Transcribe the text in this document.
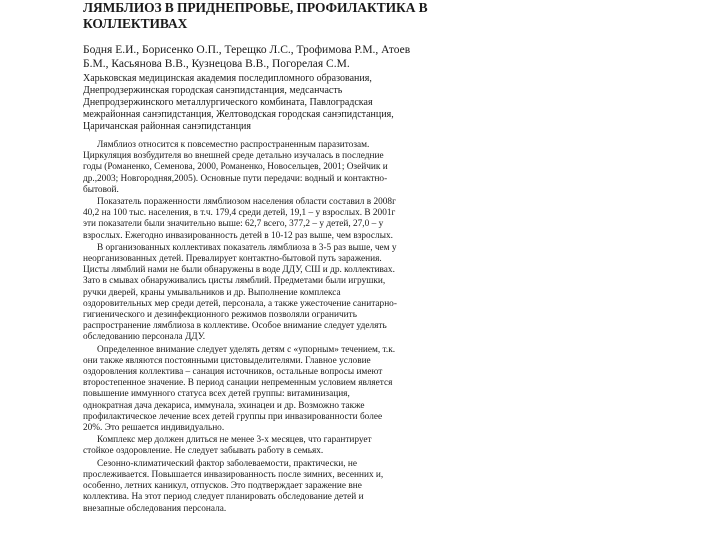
ЛЯМБЛИОЗ В ПРИДНЕПРОВЬЕ, ПРОФИЛАКТИКА В
КОЛЛЕКТИВАХ
Бодня Е.И., Борисенко О.П., Терещко Л.С., Трофимова Р.М., Атоев
Б.М., Касьянова В.В., Кузнецова В.В., Погорелая С.М.
Харьковская медицинская академия последипломного образования,
Днепродзержинская городская санэпидстанция, медсанчасть
Днепродзержинского металлургического комбината, Павлоградская
межрайонная санэпидстанция, Желтоводская городская санэпидстанция,
Царичанская районная санэпидстанция
Лямблиоз относится к повсеместно распространенным паразитозам.
Циркуляция возбудителя во внешней среде детально изучалась в последние
годы (Романенко, Семенова, 2000, Романенко, Новосельцев, 2001; Озейчик и
др.,2003; Новгородняя,2005). Основные пути передачи: водный и контактно-
бытовой.
Показатель пораженности лямблиозом населения области составил в 2008г
40,2 на 100 тыс. населения, в т.ч. 179,4 среди детей, 19,1 – у взрослых. В 2001г
эти показатели были значительно выше: 62,7 всего, 377,2 – у детей, 27,0 – у
взрослых. Ежегодно инвазированность детей в 10-12 раз выше, чем взрослых.
В организованных коллективах показатель лямблиоза в 3-5 раз выше, чем у
неорганизованных детей. Превалирует контактно-бытовой путь заражения.
Цисты лямблий нами не были обнаружены в воде ДДУ, СШ и др. коллективах.
Зато в смывах обнаруживались цисты лямблий. Предметами были игрушки,
ручки дверей, краны умывальников и др. Выполнение комплекса
оздоровительных мер среди детей, персонала, а также ужесточение санитарно-
гигиенического и дезинфекционного режимов позволяли ограничить
распространение лямблиоза в коллективе. Особое внимание следует уделять
обследованию персонала ДДУ.
Определенное внимание следует уделять детям с «упорным» течением, т.к.
они также являются постоянными цистовыделителями. Главное условие
оздоровления коллектива – санация источников, остальные вопросы имеют
второстепенное значение. В период санации непременным условием является
повышение иммунного статуса всех детей группы: витаминизация,
однократная дача декариса, иммунала, эхинацеи и др. Возможно также
профилактическое лечение всех детей группы при инвазированности более
20%. Это решается индивидуально.
Комплекс мер должен длиться не менее 3-х месяцев, что гарантирует
стойкое оздоровление. Не следует забывать работу в семьях.
Сезонно-климатический фактор заболеваемости, практически, не
прослеживается. Повышается инвазированность после зимних, весенних и,
особенно, летних каникул, отпусков. Это подтверждает заражение вне
коллектива. На этот период следует планировать обследование детей и
внезапные обследования персонала.
